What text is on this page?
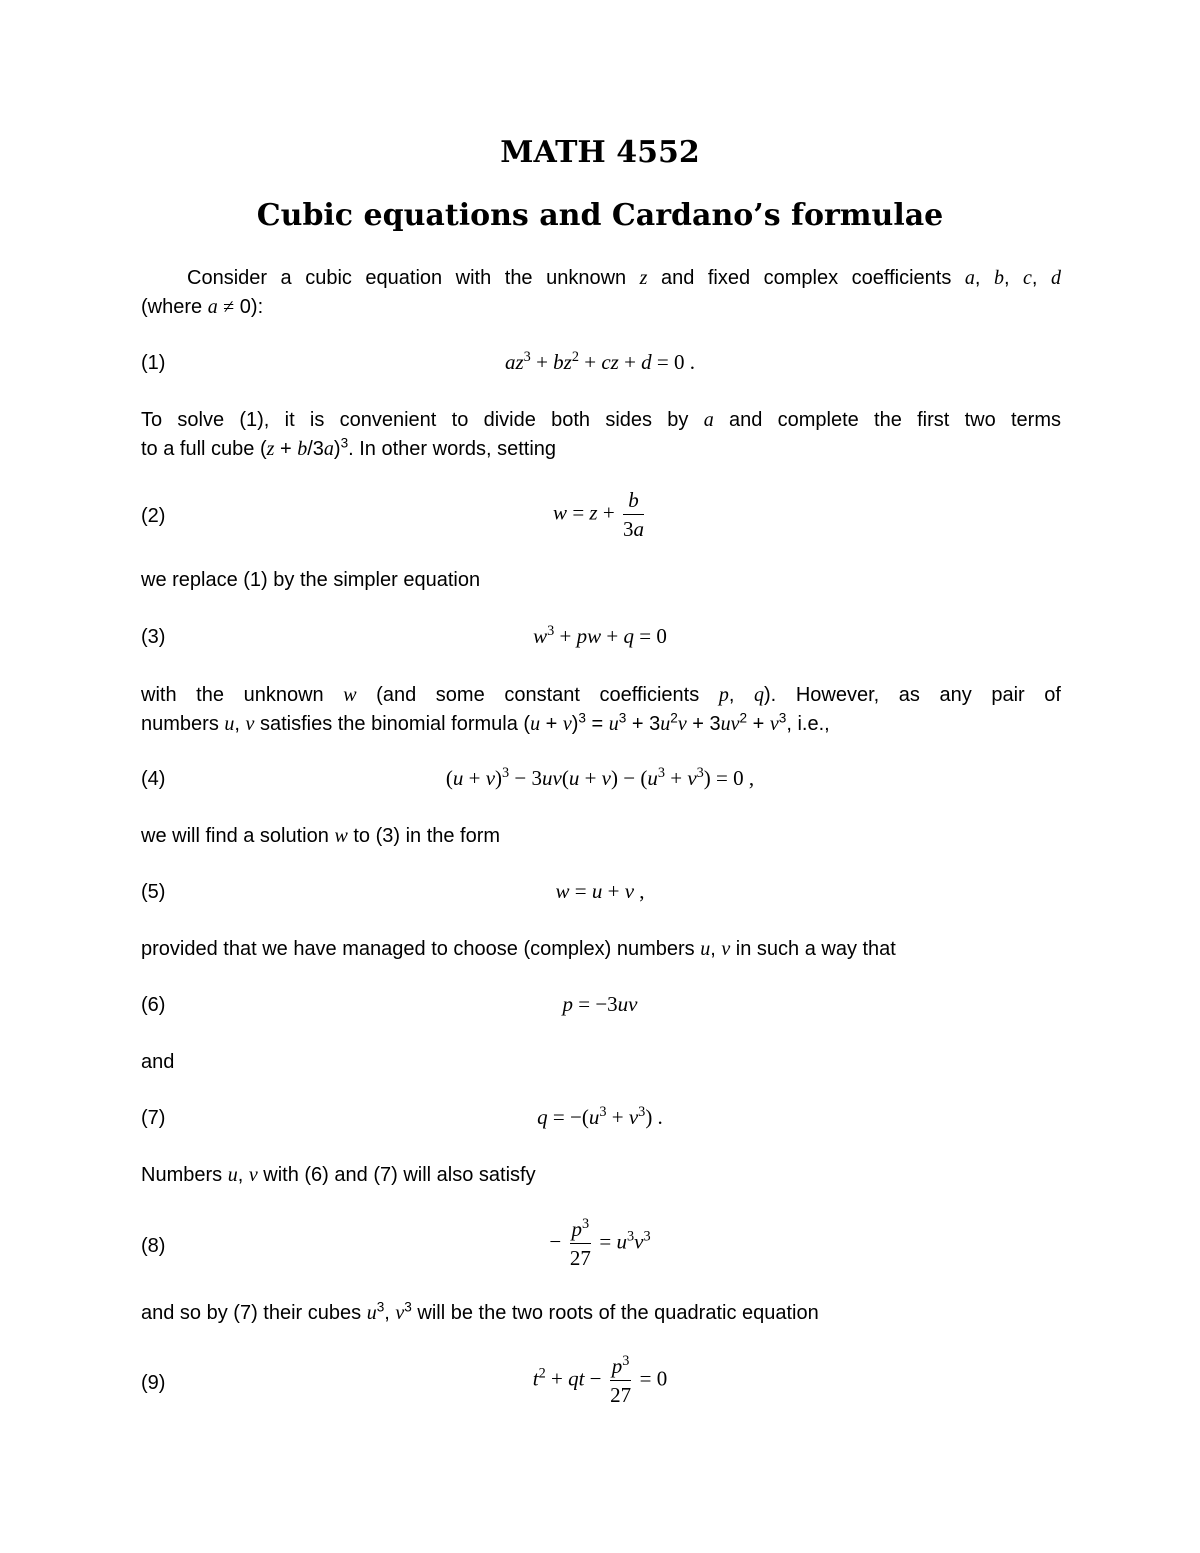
MATH 4552
Cubic equations and Cardano’s formulae
Consider a cubic equation with the unknown z and fixed complex coefficients a, b, c, d
(where a ≠ 0):
(1)	$az^3 + bz^2$ + cz + d = 0 .
To solve (1), it is convenient to divide both sides by a and complete the first two terms
to a full cube $(z + b/3a)^3$. In other words, setting
(2)	$w = z + \frac{b}{3a}$
we replace (1) by the simpler equation
(3)	$w^3$ + pw + q = 0
with the unknown w (and some constant coefficients p, q). However, as any pair of
numbers u, v satisfies the binomial formula $(u + v)^3 = u^3 + 3u^2v + 3uv^2 + v^3$, i.e.,
(4)	$(u + v)^3 - 3uv(u + v) - (u^3 + v^3) = 0$ ,
we will find a solution w to (3) in the form
(5)	w = u + v ,
provided that we have managed to choose (complex) numbers u, v in such a way that
(6)	p = −3uv
and
(7)	$q = -(u^3 + v^3)$ .
Numbers u, v with (6) and (7) will also satisfy
(8)	− $\frac{p^3}{27} = u^3v^3$
and so by (7) their cubes $u^3$, $v^3$ will be the two roots of the quadratic equation
(9)	$t^2$ + qt − $\frac{p^3}{27} = 0$
